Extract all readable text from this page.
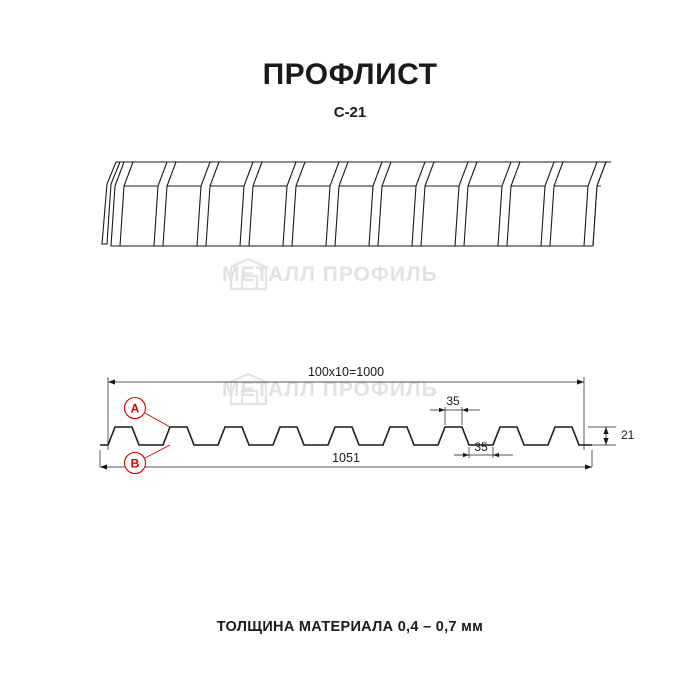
ПРОФЛИСТ
С-21
МЕТАЛЛ ПРОФИЛЬ
МЕТАЛЛ ПРОФИЛЬ
100х10=1000
1051
35
35
21
A
B
ТОЛЩИНА МАТЕРИАЛА 0,4 – 0,7 мм
